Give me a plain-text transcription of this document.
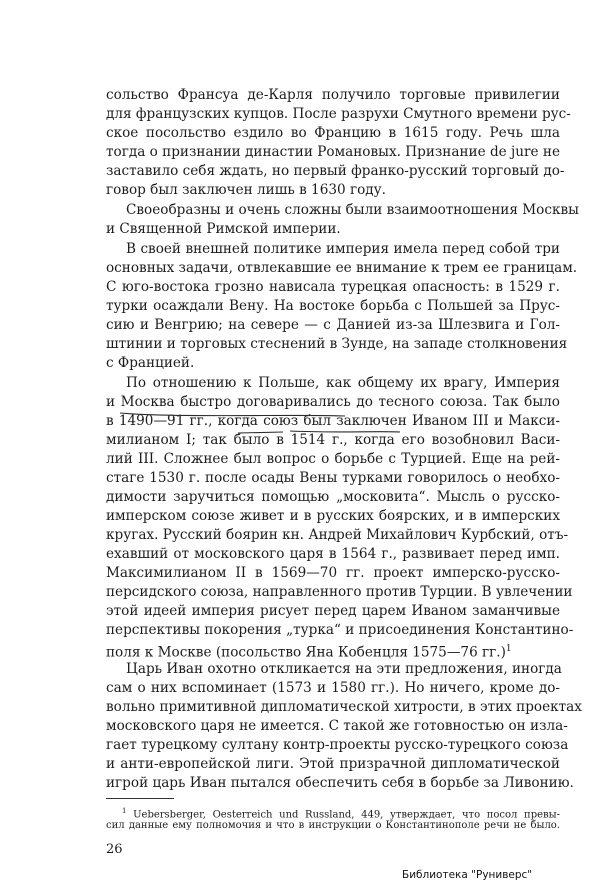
сольство Франсуа де-Карля получило торговые привилегии

для французских купцов. После разрухи Смутного времени рус-

ское посольство ездило во Францию в 1615 году. Речь шла

тогда о признании династии Романовых. Признание de jure не

заставило себя ждать, но первый франко-русский торговый до-

говор был заключен лишь в 1630 году.

Своеобразны и очень сложны были взаимоотношения Москвы

и Священной Римской империи.

В своей внешней политике империя имела перед собой три

основных задачи, отвлекавшие ее внимание к трем ее границам.

С юго-востока грозно нависала турецкая опасность: в 1529 г.

турки осаждали Вену. На востоке борьба с Польшей за Прус-

сию и Венгрию; на севере — с Данией из-за Шлезвига и Гол-

штинии и торговых стеснений в Зунде, на западе столкновения

с Францией.

По отношению к Польше, как общему их врагу, Империя

и Москва быстро договаривались до тесного союза. Так было

в 1490—91 гг., когда союз был заключен Иваном III и Макси-

милианом I; так было в 1514 г., когда его возобновил Васи-

лий III. Сложнее был вопрос о борьбе с Турцией. Еще на рей-

стаге 1530 г. после осады Вены турками говорилось о необхо-

димости заручиться помощью „московита“. Мысль о русско-

имперском союзе живет и в русских боярских, и в имперских

кругах. Русский боярин кн. Андрей Михайлович Курбский, отъ-

ехавший от московского царя в 1564 г., развивает перед имп.

Максимилианом II в 1569—70 гг. проект имперско-русско-

персидского союза, направленного против Турции. В увлечении

этой идеей империя рисует перед царем Иваном заманчивые

перспективы покорения „турка“ и присоединения Константино-

поля к Москве (посольство Яна Кобенцля 1575—76 гг.)$^1$

Царь Иван охотно откликается на эти предложения, иногда

сам о них вспоминает (1573 и 1580 гг.). Но ничего, кроме до-

вольно примитивной дипломатической хитрости, в этих проектах

московского царя не имеется. С такой же готовностью он изла-

гает турецкому султану контр-проекты русско-турецкого союза

и анти-европейской лиги. Этой призрачной дипломатической

игрой царь Иван пытался обеспечить себя в борьбе за Ливонию.

$^1$ Uebersberger, Oesterreich und Russland, 449, утверждает, что посол превы-

сил данные ему полномочия и что в инструкции о Константинополе речи не было.

26

Библиотека "Руниверс"
